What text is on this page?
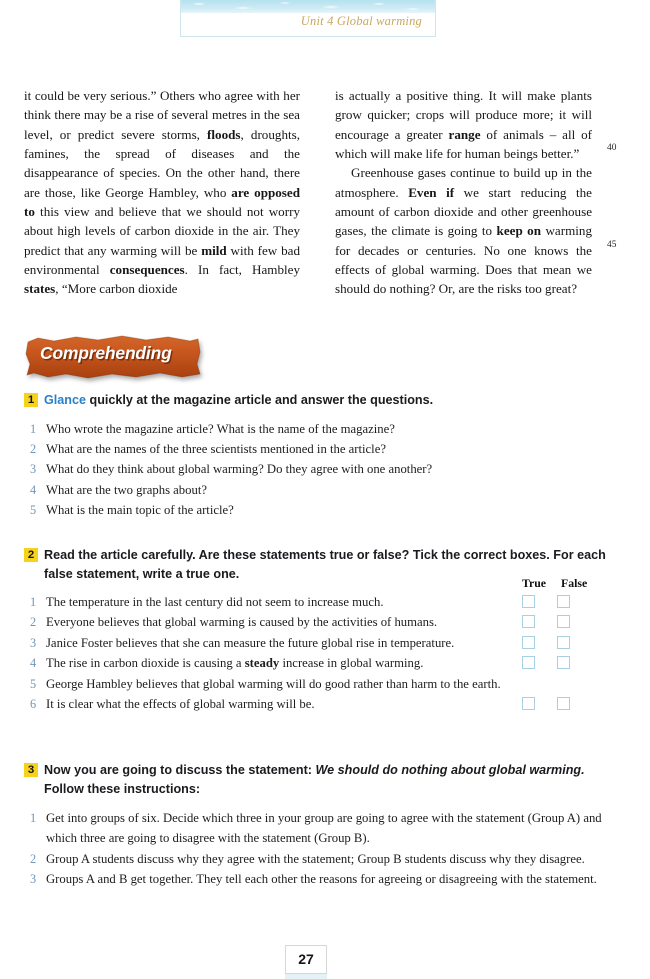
Unit 4 Global warming

it could be very serious.” Others who agree with her think there may be a rise of several metres in the sea level, or predict severe storms, floods, droughts, famines, the spread of diseases and the disappearance of species. On the other hand, there are those, like George Hambley, who are opposed to this view and believe that we should not worry about high levels of carbon dioxide in the air. They predict that any warming will be mild with few bad environmental consequences. In fact, Hambley states, “More carbon dioxide

is actually a positive thing. It will make plants grow quicker; crops will produce more; it will encourage a greater range of animals – all of which will make life for human beings better.”

Greenhouse gases continue to build up in the atmosphere. Even if we start reducing the amount of carbon dioxide and other greenhouse gases, the climate is going to keep on warming for decades or centuries. No one knows the effects of global warming. Does that mean we should do nothing? Or, are the risks too great?

40
45
Comprehending
1 Glance quickly at the magazine article and answer the questions.
1 Who wrote the magazine article? What is the name of the magazine?
2 What are the names of the three scientists mentioned in the article?
3 What do they think about global warming? Do they agree with one another?
4 What are the two graphs about?
5 What is the main topic of the article?
2 Read the article carefully. Are these statements true or false? Tick the correct boxes. For each false statement, write a true one.
True False
1 The temperature in the last century did not seem to increase much.
2 Everyone believes that global warming is caused by the activities of humans.
3 Janice Foster believes that she can measure the future global rise in temperature.
4 The rise in carbon dioxide is causing a steady increase in global warming.
5 George Hambley believes that global warming will do good rather than harm to the earth.
6 It is clear what the effects of global warming will be.
3 Now you are going to discuss the statement: We should do nothing about global warming. Follow these instructions:
1 Get into groups of six. Decide which three in your group are going to agree with the statement (Group A) and which three are going to disagree with the statement (Group B).
2 Group A students discuss why they agree with the statement; Group B students discuss why they disagree.
3 Groups A and B get together. They tell each other the reasons for agreeing or disagreeing with the statement.
27
